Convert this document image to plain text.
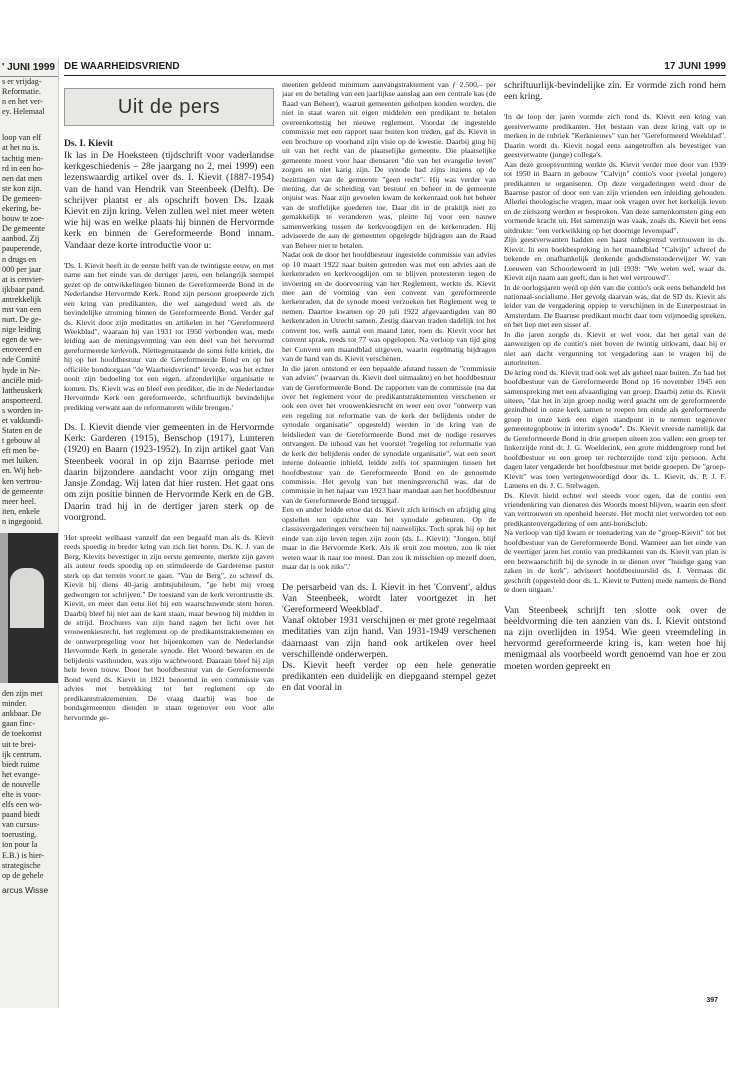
' JUNI 1999

s er vrijdag-

Reformatie.

n en het ver-

ey. Helemaal

loop van elf

at het nu is.

tachtig men-

rd in een ho-

nen dat men

ste kon zijn.

De gemeen-

ekering, be-

bouw te zoe-

De gemeente

aanbod. Zij

pauperende,

n drugs en

000 per jaar

at is cenvier-

ijkbaar pand.

antrekkelijk

mst van een

nurt. De ge-

nige leiding

egen de we-

enoveerd en

nde Comité

hyde in Ne-

anciële mid-

Iattheuskerk

ansporteerd.

s worden in-

et vakkundi-

Staten en de

t gebouw al

eft men be-

met luiken.

en. Wij heb-

ken vertrou-

de gemeente

meer heel.

iten, enkele

n ingegooid.

den zijn met

minder.

ankbaar. De

gaan finc-

de toekomst

uit te brei-

ijk centrum.

biedt ruime

het evange-

de nouvelle

elte is voor-

elfs een wo-

paand biedt

van cursus-

toerusting.

ion pour la

E.B.) is hier-

strategische

op de gehele

arcus Wisse
DE WAARHEIDSVRIEND	17 JUNI 1999
Uit de pers
Ds. I. Kievit

Ik las in De Hoeksteen (tijdschrift voor vaderlandse kerkgeschiedenis – 28e jaargang no 2, mei 1999) een lezenswaardig artikel over ds. I. Kievit (1887-1954) van de hand van Hendrik van Steenbeek (Delft). De schrijver plaatst er als opschrift boven Ds. Izaak Kievit en zijn kring. Velen zullen wel niet meer weten wie hij was en welke plaats hij binnen de Hervormde kerk en binnen de Gereformeerde Bond innam. Vandaar deze korte introductie voor u:

'Ds. I. Kievit heeft in de eerste helft van de twintigste eeuw, en met name aan het einde van de dertiger jaren, een belangrijk stempel gezet op de ontwikkelingen binnen de Gereformeerde Bond in de Nederlandse Hervormde Kerk. Rond zijn persoon groepeerde zich een kring van predikanten, die wel aangeduid werd als de bevindelijke stroming binnen de Gereformeerde Bond. Verder gaf ds. Kievit door zijn meditaties en artikelen in het "Gereformeerd Weekblad", waaraan hij van 1931 tot 1950 verbonden was, mede leiding aan de meningsvorming van een deel van het hervormd gereformeerde kerkvolk. Niettegenstaande de soms felle kritiek, die hij op het hoofdbestuur van de Gereformeerde Bond en op het officiële bondsorgaan "de Waarheidsvriend" leverde, was het echter nooit zijn bedoeling tot een eigen, afzonderlijke organisatie te komen. Ds. Kievit was en bleef een prediker, die in de Nederlandse Hervormde Kerk een gereformeerde, schriftuurlijk bevindelijke prediking verwant aan de reformatoren wilde brengen.'

Ds. I. Kievit diende vier gemeenten in de Hervormde Kerk: Garderen (1915), Benschop (1917), Lunteren (1920) en Baarn (1923-1952). In zijn artikel gaat Van Steenbeek vooral in op zijn Baarnse periode met daarin bijzondere aandacht voor zijn omgang met Jansje Zondag. Wij laten dat hier rusten. Het gaat ons om zijn positie binnen de Hervormde Kerk en de GB. Daarin trad hij in de dertiger jaren sterk op de voorgrond.

'Het spreekt welhaast vanzelf dat een begaafd man als ds. Kievit reeds spoedig in breder kring van zich liet horen. Ds. K. J. van de Berg, Kievits bevestiger in zijn eerste gemeente, merkte zijn gaven als auteur reeds spoedig op en stimuleerde de Garderense pastor sterk op dat terrein voort te gaan. "Van de Berg", zo schreef ds. Kievit bij diens 40-jarig ambtsjubileum, "ge hebt mij vroeg gedwongen tot schrijven." De toestand van de kerk verontrustte ds. Kievit, en meer dan eens liet hij een waarschuwende stem horen. Daarbij bleef hij niet aan de kant staan, maar bewoog hij midden in de strijd. Brochures van zijn hand zagen het licht over het vrouwenkiesrecht, het reglement op de predikantstraktementen en de ontwerpregeling voor het bijeenkomen van de Nederlandse Hervormde Kerk in generale synode. Het Woord bewaren en de belijdenis vasthouden, was zijn wachtwoord. Daaraan bleef hij zijn hele leven trouw. Door het hoofdbestuur van de Gereformeerde Bond werd ds. Kievit in 1921 benoemd in een commissie van advies met betrekking tot het reglement op de predikantstraktementen. De vraag daarbij was hoe de bondsgemeenten dienden te staan tegenover een voor alle hervormde ge-

meenten geldend minimum aanvangstraktement van ƒ 2.500,– per jaar en de betaling van een jaarlijkse aanslag aan een centrale kas (de Raad van Beheer), waaruit gemeenten geholpen konden worden, die niet in staat waren uit eigen middelen een predikant te betalen overeenkomstig het nieuwe reglement. Voordat de ingestelde commissie met een rapport naar buiten kon treden, gaf ds. Kievit in een brochure op voorhand zijn visie op de kwestie. Daarbij ging hij uit van het recht van de plaatselijke gemeente. Die plaatselijke gemeente moest voor haar diensaren "die van het evangelie leven" zorgen en niet karig zijn. De synode had zijns inziens op de bezittingen van de gemeente "geen recht". Hij was verder van mening, dat de scheiding van bestuur en beheer in de gemeente onjuist was. Naar zijn gevoelen kwam de kerkenraad ook het beheer van de stoffelijke goederen toe. Daar dit in de praktijk niet zo gemakkelijk te veranderen was, pleitte hij voor een nauwe samenwerking tussen de kerkvoogdijen en de kerkenraden. Hij adviseerde de aan de gemeenten opgelegde bijdragen aan de Raad van Beheer niet te betalen.

Nadat ook de door het hoofdbestuur ingestelde commissie van advies op 10 maart 1922 naar buiten getreden was met een advies aan de kerkenraden en kerkvoogdijen om te blijven protesteren tegen de invoering en de doorvoering van het Reglement, werkte ds. Kievit mee aan de vorming van een convent van gereformeerde kerkenraden, dat de synode moest verzoeken het Reglement weg te nemen. Daartoe kwamen op 20 juli 1922 afgevaardigden van 80 kerkenraden in Utrecht samen. Zestig daarvan traden dadelijk tot het convent toe, welk aantal een maand later, toen ds. Kievit voor het convent sprak, reeds tot 77 was opgelopen. Na verloop van tijd ging het Convent een maandblad uitgeven, waarin regelmatig bijdragen van de hand van ds. Kievit verschenen.

In die jaren ontstond er een bepaalde afstand tussen de "commissie van advies" (waarvan ds. Kievit deel uitmaakte) en het hoofdbestuur van de Gereformeerde Bond. De rapporten van de commissie (na dat over het reglement voor de predikantstraktementen verschenen er ook een over het vrouwenkiesrecht en weer een over "ontwerp van een regeling tot reformatie van de kerk der belijdenis onder de synodale organisatie" opgesteld) werden in de kring van de leidslieden van de Gereformeerde Bond met de nodige reserves ontvangen. De inhoud van het voorstel "regeling tot reformatie van de kerk der belijdenis onder de synodale organisatie", wat een soort interne doleantie inhield, leidde zelfs tot spanningen tussen het hoofdbestuur van de Gereformeerde Bond en de genoemde commissie. Het gevolg van het meningsverschil was, dat de commissie in het najaar van 1923 haar mandaat aan het hoofdbestuur van de Gereformeerde Bond teruggaf.

Een en ander leidde ertoe dat ds. Kievit zich kritisch en afzijdig ging opstellen ten opzichte van het synodale gebeuren. Op de classisvergaderingen verscheen hij nauwelijks. Toch sprak hij op het einde van zijn leven tegen zijn zoon (ds. L. Kievit): "Jongen, blijf maar in die Hervormde Kerk. Als ik eruit zou moeten, zou ik niet weten waar ik naar toe moest. Dan zou ik misschien op mezelf doen, maar dat is ook niks".'

De persarbeid van ds. I. Kievit in het 'Convent', aldus Van Steenbeek, wordt later voortgezet in het 'Gereformeerd Weekblad'.

Vanaf oktober 1931 verschijnen er met grote regelmaat meditaties van zijn hand. Van 1931-1949 verschenen daarnaast van zijn hand ook artikelen over heel verschillende onderwerpen.

Ds. Kievit heeft verder op een hele generatie predikanten een duidelijk en diepgaand stempel gezet en dat vooral in

schriftuurlijk-bevindelijke zin. Er vormde zich rond hem een kring.

'In de loop der jaren vormde zich rond ds. Kievit een kring van geestverwante predikanten. Het bestaan van deze kring valt op te merken in de rubriek "Kerknieuws" van het "Gereformeerd Weekblad". Daarin wordt ds. Kievit nogal eens aangetroffen als bevestiger van geestverwante (jonge) collega's.

Aan deze groepsvorming werkte ds. Kievit verder mee door van 1939 tot 1950 in Baarn in gebouw "Calvijn" contio's voor (veelal jongere) predikanten te organiseren. Op deze vergaderingen werd door de Baarnse pastor of door een van zijn vrienden een inleiding gehouden. Allerlei theologische vragen, maar ook vragen over het kerkelijk leven en de zielszorg werden er besproken. Van deze samenkomsten ging een vormende kracht uit. Het samenzijn was vaak, zoals ds. Kievit het eens uitdrukte: "een verkwikking op het doornige levenspad".

Zijn geestverwanten hadden een haast onbegrensd vertrouwen in ds. Kievit. In een boekbespreking in het maandblad "Calvijn" schreef de bekende en onafhankelijk denkende godsdienstonderwijzer W. van Leeuwen van Schoorlewoerd in juli 1939: "We weten wel, waar ds. Kievit zijn naam aan geeft, dan is het wel vertrouwd".

In de oorlogsjaren werd op één van die contio's ook eens behandeld het nationaal-socialisme. Het gevolg daarvan was, dat de SD ds. Kievit als leider van de vergadering oppiep te verschijnen in de Euterpestraat in Amsterdam. De Baarnse predikant mocht daar toen vrijmoedig spreken, en het liep met een sisser af.

In die jaren zorgde ds. Kievit er wel voor, dat het getal van de aanwezigen op de contio's niet boven de twintig uitkwam, daar hij er niet aan dacht vergunning tot vergadering aan te vragen bij de autoriteiten.

De kring rond ds. Kievit trad ook wel als geheel naar buiten. Zo had het hoofdbestuur van de Gereformeerde Bond op 16 november 1945 een samenspreking met een afvaardiging van groep. Daarbij zette ds. Kievit uiteen, "dat het in zijn groep nodig werd geacht om de gereformeerde gezindheid in onze kerk samen te roepen ten einde als gereformeerde groep in onze kerk een eigen standpunt in te nemen tegenover gemeentegopbouw in interim synode". Ds. Kievit vreesde namelijk dat de Gereformeerde Bond in drie groepen uiteen zou vallen: een groep ter linkerzijde rond dr. J. G. Woelderink, een grote middengroep rond het hoofdbestuur en een groep ter rechterzijde rond zijn persoon. Acht dagen later vergaderde het hoofdbestuur met beide groepen. De "groep-Kievit" was toen vertegenwoordigd door ds. L. Kievit, ds. P. J. F. Lamens en ds. J. C. Stelwagen.

Ds. Kievit hield echter wel steeds voor ogen, dat de contio een vriendenkring van dienaren des Woords moest blijven, waarin een sfeer van vertrouwen en openheid heerste. Het mocht niet verworden tot een predikantenvergadering of een anti-bondsclub.

Na verloop van tijd kwam er toenadering van de "groep-Kievit" tot het hoofdbestuur van de Gereformeerde Bond. Wanneer aan het einde van de veertiger jaren het contio van predikanten van ds. Kievit van plan is een bezwaarschrift bij de synode in te dienen over "huidige gang van zaken in de kerk", adviseert hoofdbestuurslid ds. J. Vermaas dit geschrift (opgesteld door ds. L. Kievit te Putten) mede namens de Bond te doen uitgaan.'

Van Steenbeek schrijft ten slotte ook over de beeldvorming die ten aanzien van ds. I. Kievit ontstond na zijn overlijden in 1954. Wie geen vreemdeling in hervormd gereformeerde kring is, kan weten hoe hij menigmaal als voorbeeld wordt genoemd van hoe er zou moeten worden gepreekt en

397
